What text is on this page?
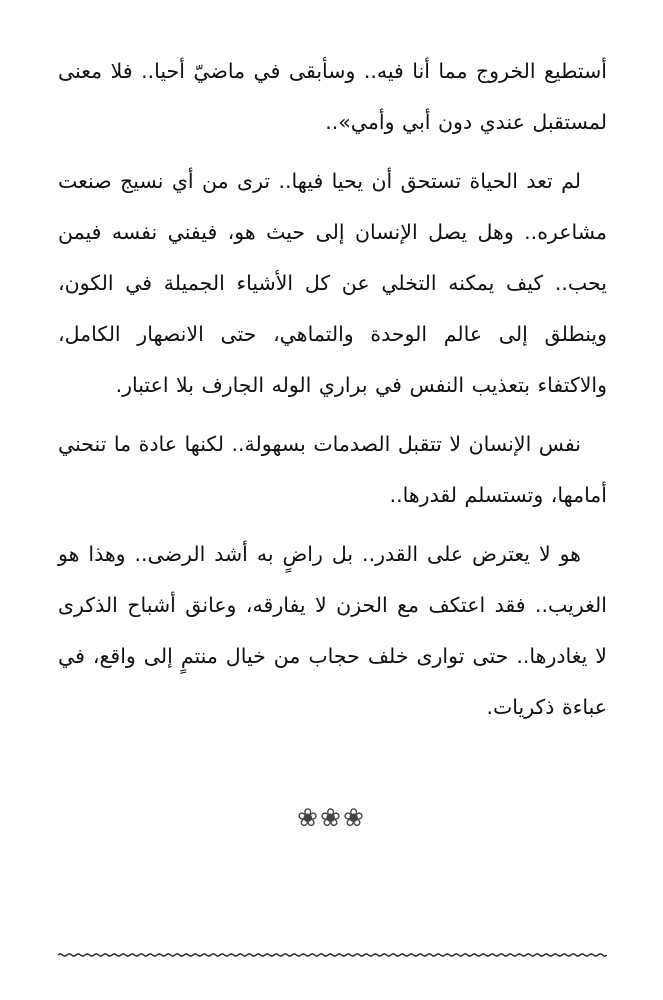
أستطيع الخروج مما أنا فيه.. وسأبقى في ماضيّ أحيا.. فلا معنى لمستقبل عندي دون أبي وأمي»..

لم تعد الحياة تستحق أن يحيا فيها.. ترى من أي نسيج صنعت مشاعره.. وهل يصل الإنسان إلى حيث هو، فيفني نفسه فيمن يحب.. كيف يمكنه التخلي عن كل الأشياء الجميلة في الكون، وينطلق إلى عالم الوحدة والتماهي، حتى الانصهار الكامل، والاكتفاء بتعذيب النفس في براري الوله الجارف بلا اعتبار.

نفس الإنسان لا تتقبل الصدمات بسهولة.. لكنها عادة ما تنحني أمامها، وتستسلم لقدرها..

هو لا يعترض على القدر.. بل راضٍ به أشد الرضى.. وهذا هو الغريب.. فقد اعتكف مع الحزن لا يفارقه، وعانق أشباح الذكرى لا يغادرها.. حتى توارى خلف حجاب من خيال منتمٍ إلى واقع، في عباءة ذكريات.

❀❀❀
